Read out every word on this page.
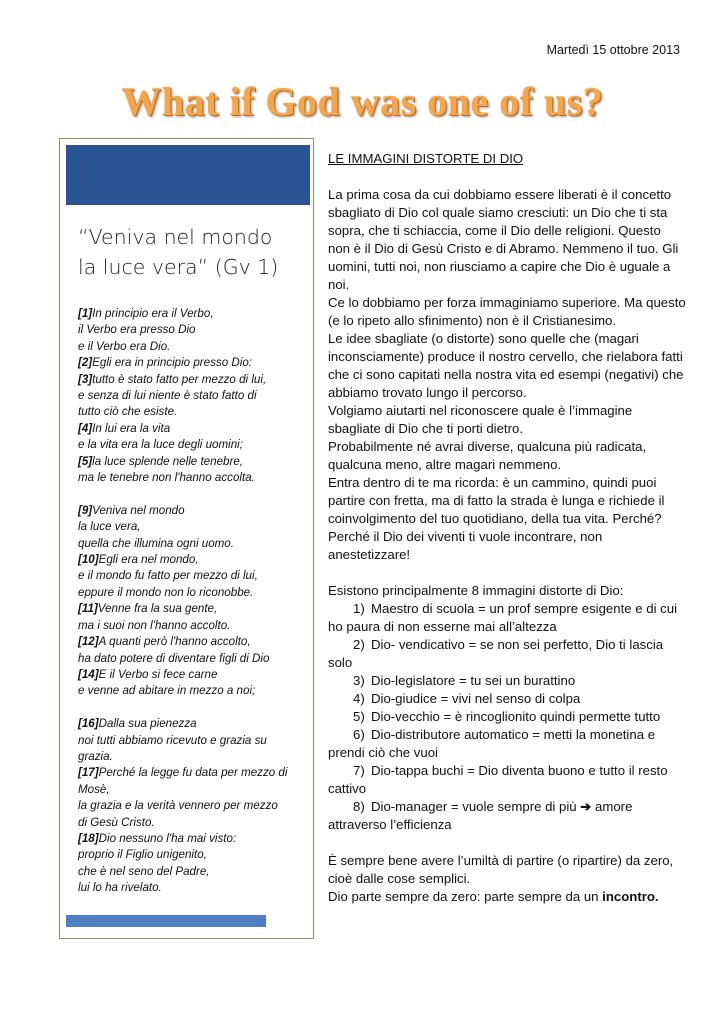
Martedì 15 ottobre 2013
What if God was one of us?
“Veniva nel mondo
la luce vera” (Gv 1)
[1]In principio era il Verbo,
il Verbo era presso Dio
e il Verbo era Dio.
[2]Egli era in principio presso Dio:
[3]tutto è stato fatto per mezzo di lui,
e senza di lui niente è stato fatto di
tutto ciò che esiste.
[4]In lui era la vita
e la vita era la luce degli uomini;
[5]la luce splende nelle tenebre,
ma le tenebre non l'hanno accolta.
[9]Veniva nel mondo
la luce vera,
quella che illumina ogni uomo.
[10]Egli era nel mondo,
e il mondo fu fatto per mezzo di lui,
eppure il mondo non lo riconobbe.
[11]Venne fra la sua gente,
ma i suoi non l'hanno accolto.
[12]A quanti però l'hanno accolto,
ha dato potere di diventare figli di Dio
[14]E il Verbo si fece carne
e venne ad abitare in mezzo a noi;
[16]Dalla sua pienezza
noi tutti abbiamo ricevuto e grazia su
grazia.
[17]Perché la legge fu data per mezzo di
Mosè,
la grazia e la verità vennero per mezzo
di Gesù Cristo.
[18]Dio nessuno l'ha mai visto:
proprio il Figlio unigenito,
che è nel seno del Padre,
lui lo ha rivelato.
LE IMMAGINI DISTORTE DI DIO
La prima cosa da cui dobbiamo essere liberati è il concetto sbagliato di Dio col quale siamo cresciuti: un Dio che ti sta sopra, che ti schiaccia, come il Dio delle religioni. Questo non è il Dio di Gesù Cristo e di Abramo. Nemmeno il tuo. Gli uomini, tutti noi, non riusciamo a capire che Dio è uguale a noi.
Ce lo dobbiamo per forza immaginiamo superiore. Ma questo (e lo ripeto allo sfinimento) non è il Cristianesimo.
Le idee sbagliate (o distorte) sono quelle che (magari inconsciamente) produce il nostro cervello, che rielabora fatti che ci sono capitati nella nostra vita ed esempi (negativi) che abbiamo trovato lungo il percorso.
Volgiamo aiutarti nel riconoscere quale è l’immagine sbagliate di Dio che ti porti dietro.
Probabilmente né avrai diverse, qualcuna più radicata, qualcuna meno, altre magari nemmeno.
Entra dentro di te ma ricorda: è un cammino, quindi puoi partire con fretta, ma di fatto la strada è lunga e richiede il coinvolgimento del tuo quotidiano, della tua vita. Perché? Perché il Dio dei viventi ti vuole incontrare, non anestetizzare!
Esistono principalmente 8 immagini distorte di Dio:
1) Maestro di scuola = un prof sempre esigente e di cui ho paura di non esserne mai all’altezza
2) Dio- vendicativo = se non sei perfetto, Dio ti lascia solo
3) Dio-legislatore = tu sei un burattino
4) Dio-giudice = vivi nel senso di colpa
5) Dio-vecchio = è rincoglionito quindi permette tutto
6) Dio-distributore automatico = metti la monetina e prendi ciò che vuoi
7) Dio-tappa buchi = Dio diventa buono e tutto il resto cattivo
8) Dio-manager = vuole sempre di più ➔ amore attraverso l’efficienza
È sempre bene avere l’umiltà di partire (o ripartire) da zero, cioè dalle cose semplici.
Dio parte sempre da zero: parte sempre da un incontro.
